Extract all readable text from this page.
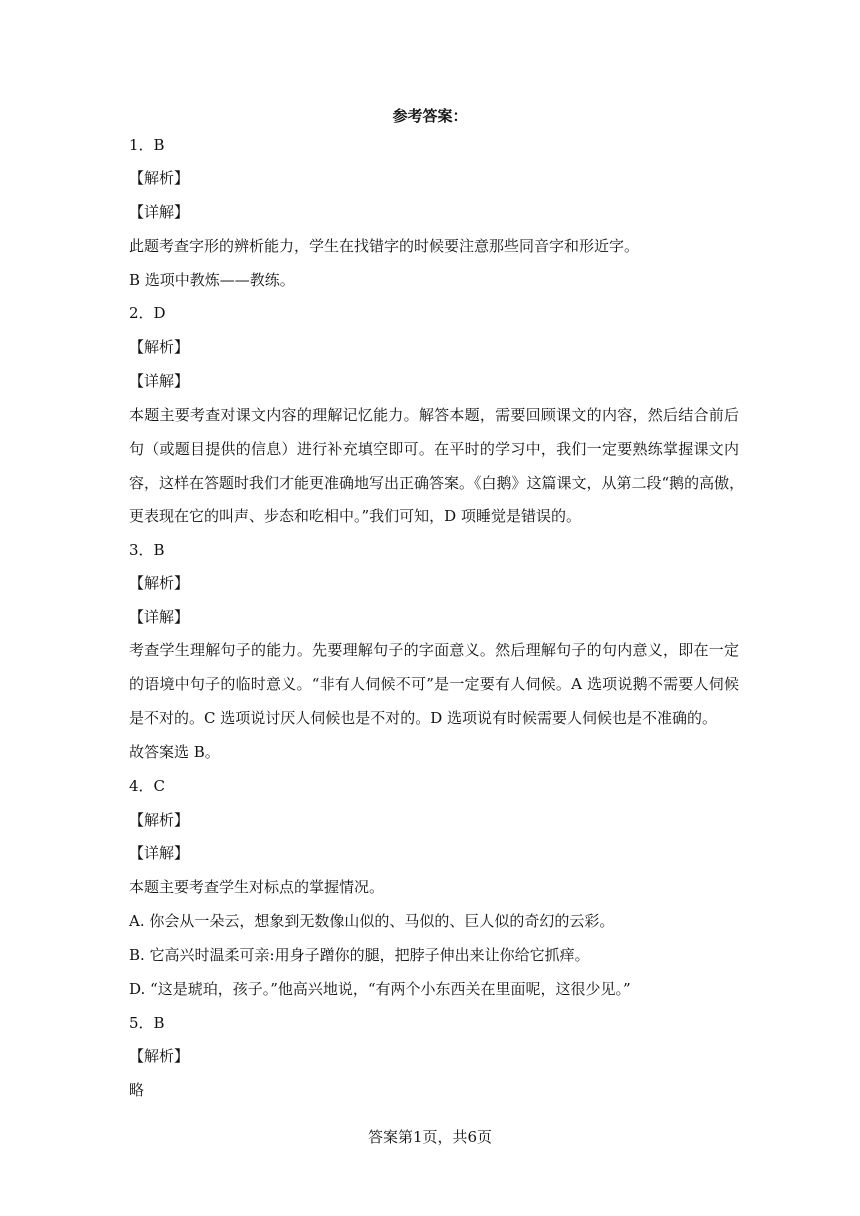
参考答案：
1．B
【解析】
【详解】
此题考查字形的辨析能力，学生在找错字的时候要注意那些同音字和形近字。
B 选项中教炼——教练。
2．D
【解析】
【详解】
本题主要考查对课文内容的理解记忆能力。解答本题，需要回顾课文的内容，然后结合前后
句（或题目提供的信息）进行补充填空即可。在平时的学习中，我们一定要熟练掌握课文内
容，这样在答题时我们才能更准确地写出正确答案。《白鹅》这篇课文，从第二段“鹅的高傲，
更表现在它的叫声、步态和吃相中。”我们可知，D 项睡觉是错误的。
3．B
【解析】
【详解】
考查学生理解句子的能力。先要理解句子的字面意义。然后理解句子的句内意义，即在一定
的语境中句子的临时意义。“非有人伺候不可”是一定要有人伺候。A 选项说鹅不需要人伺候
是不对的。C 选项说讨厌人伺候也是不对的。D 选项说有时候需要人伺候也是不准确的。
故答案选 B。
4．C
【解析】
【详解】
本题主要考查学生对标点的掌握情况。
A. 你会从一朵云，想象到无数像山似的、马似的、巨人似的奇幻的云彩。
B. 它高兴时温柔可亲:用身子蹭你的腿，把脖子伸出来让你给它抓痒。
D. “这是琥珀，孩子。”他高兴地说，“有两个小东西关在里面呢，这很少见。”
5．B
【解析】
略
答案第1页，共6页
